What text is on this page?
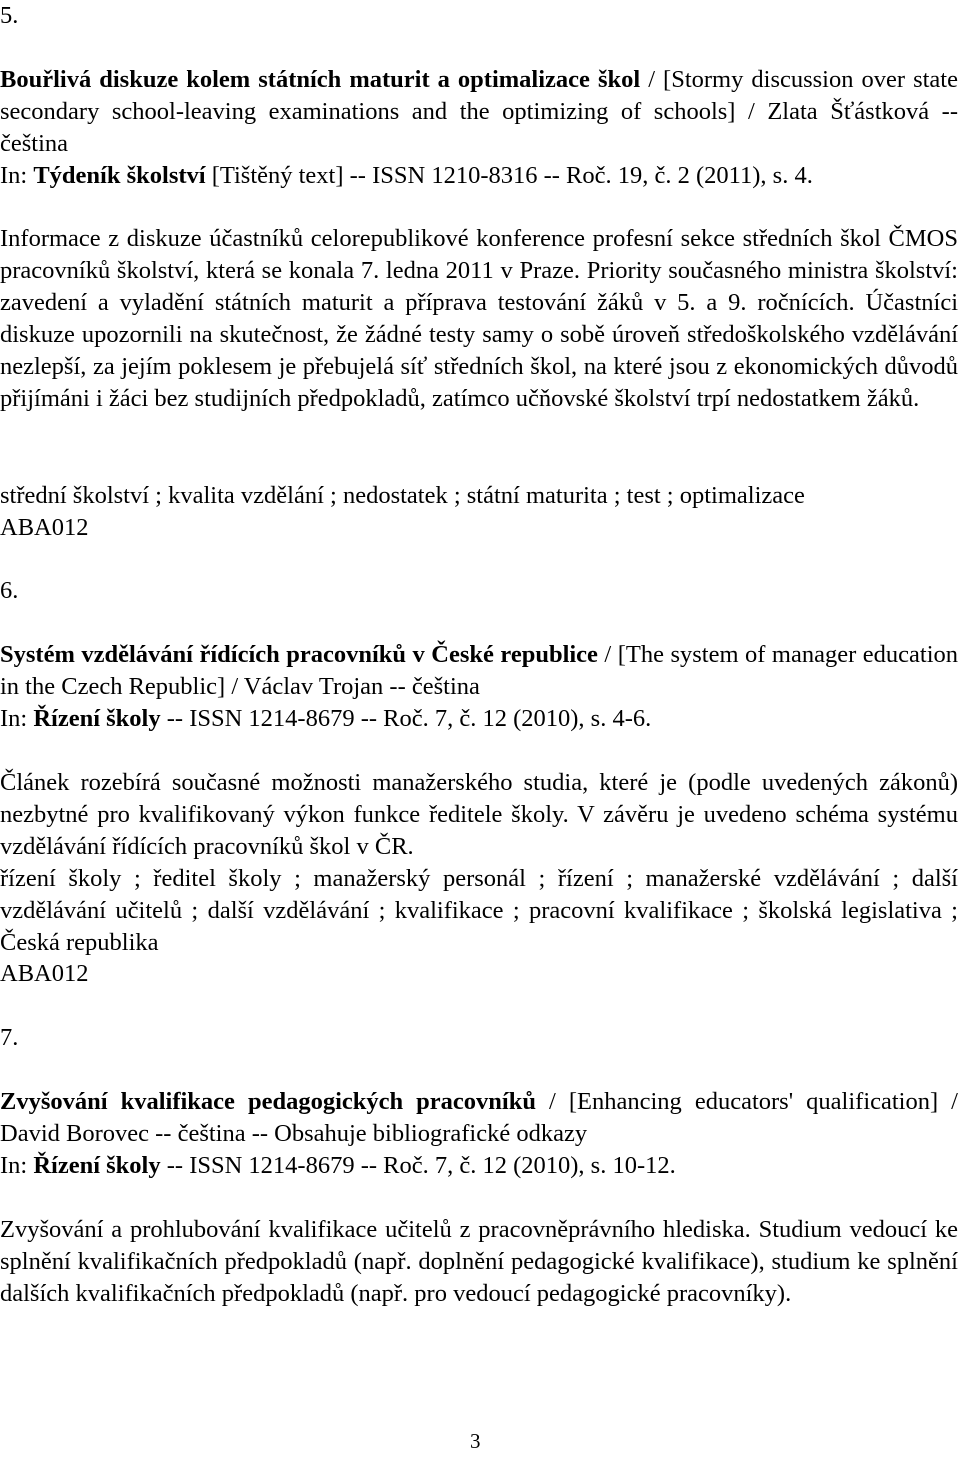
5.

Bouřlivá diskuze kolem státních maturit a optimalizace škol / [Stormy discussion over state secondary school-leaving examinations and the optimizing of schools] / Zlata Šťástková -- čeština

In: Týdeník školství [Tištěný text] -- ISSN 1210-8316 -- Roč. 19, č. 2 (2011), s. 4.

Informace z diskuze účastníků celorepublikové konference profesní sekce středních škol ČMOS pracovníků školství, která se konala 7. ledna 2011 v Praze. Priority současného ministra školství: zavedení a vyladění státních maturit a příprava testování žáků v 5. a 9. ročnících. Účastníci diskuze upozornili na skutečnost, že žádné testy samy o sobě úroveň středoškolského vzdělávání nezlepší, za jejím poklesem je přebujelá síť středních škol, na které jsou z ekonomických důvodů přijímáni i žáci bez studijních předpokladů, zatímco učňovské školství trpí nedostatkem žáků.

střední školství ; kvalita vzdělání ; nedostatek ; státní maturita ; test ; optimalizace

ABA012

6.

Systém vzdělávání řídících pracovníků v České republice / [The system of manager education in the Czech Republic] / Václav Trojan -- čeština

In: Řízení školy -- ISSN 1214-8679 -- Roč. 7, č. 12 (2010), s. 4-6.

Článek rozebírá současné možnosti manažerského studia, které je (podle uvedených zákonů) nezbytné pro kvalifikovaný výkon funkce ředitele školy. V závěru je uvedeno schéma systému vzdělávání řídících pracovníků škol v ČR.

řízení školy ; ředitel školy ; manažerský personál ; řízení ; manažerské vzdělávání ; další vzdělávání učitelů ; další vzdělávání ; kvalifikace ; pracovní kvalifikace ; školská legislativa ; Česká republika

ABA012

7.

Zvyšování kvalifikace pedagogických pracovníků / [Enhancing educators' qualification] / David Borovec -- čeština -- Obsahuje bibliografické odkazy

In: Řízení školy -- ISSN 1214-8679 -- Roč. 7, č. 12 (2010), s. 10-12.

Zvyšování a prohlubování kvalifikace učitelů z pracovněprávního hlediska. Studium vedoucí ke splnění kvalifikačních předpokladů (např. doplnění pedagogické kvalifikace), studium ke splnění dalších kvalifikačních předpokladů (např. pro vedoucí pedagogické pracovníky).

3
